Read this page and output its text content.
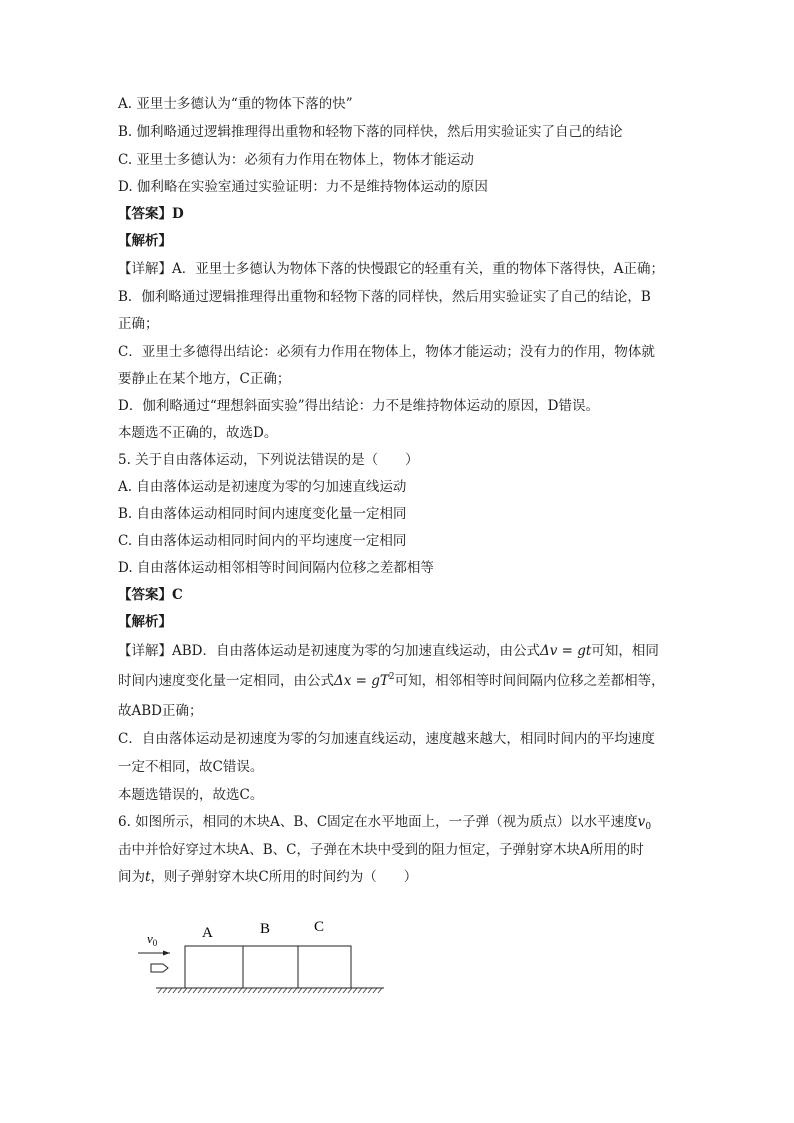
A. 亚里士多德认为“重的物体下落的快”
B. 伽利略通过逻辑推理得出重物和轻物下落的同样快，然后用实验证实了自己的结论
C. 亚里士多德认为：必须有力作用在物体上，物体才能运动
D. 伽利略在实验室通过实验证明：力不是维持物体运动的原因
【答案】D
【解析】
【详解】A．亚里士多德认为物体下落的快慢跟它的轻重有关，重的物体下落得快，A正确；
B．伽利略通过逻辑推理得出重物和轻物下落的同样快，然后用实验证实了自己的结论，B
正确；
C．亚里士多德得出结论：必须有力作用在物体上，物体才能运动；没有力的作用，物体就
要静止在某个地方，C正确；
D．伽利略通过“理想斜面实验”得出结论：力不是维持物体运动的原因，D错误。
本题选不正确的，故选D。
5. 关于自由落体运动，下列说法错误的是（　　）
A. 自由落体运动是初速度为零的匀加速直线运动
B. 自由落体运动相同时间内速度变化量一定相同
C. 自由落体运动相同时间内的平均速度一定相同
D. 自由落体运动相邻相等时间间隔内位移之差都相等
【答案】C
【解析】
【详解】ABD．自由落体运动是初速度为零的匀加速直线运动，由公式Δv = gt可知，相同
时间内速度变化量一定相同，由公式$\Delta x = gT^2$可知，相邻相等时间间隔内位移之差都相等，
故ABD正确；
C．自由落体运动是初速度为零的匀加速直线运动，速度越来越大，相同时间内的平均速度
一定不相同，故C错误。
本题选错误的，故选C。
6. 如图所示，相同的木块A、B、C固定在水平地面上，一子弹（视为质点）以水平速度$v_0$
击中并恰好穿过木块A、B、C，子弹在木块中受到的阻力恒定，子弹射穿木块A所用的时
间为t，则子弹射穿木块C所用的时间约为（　　）
$v_0$
A	B	C
